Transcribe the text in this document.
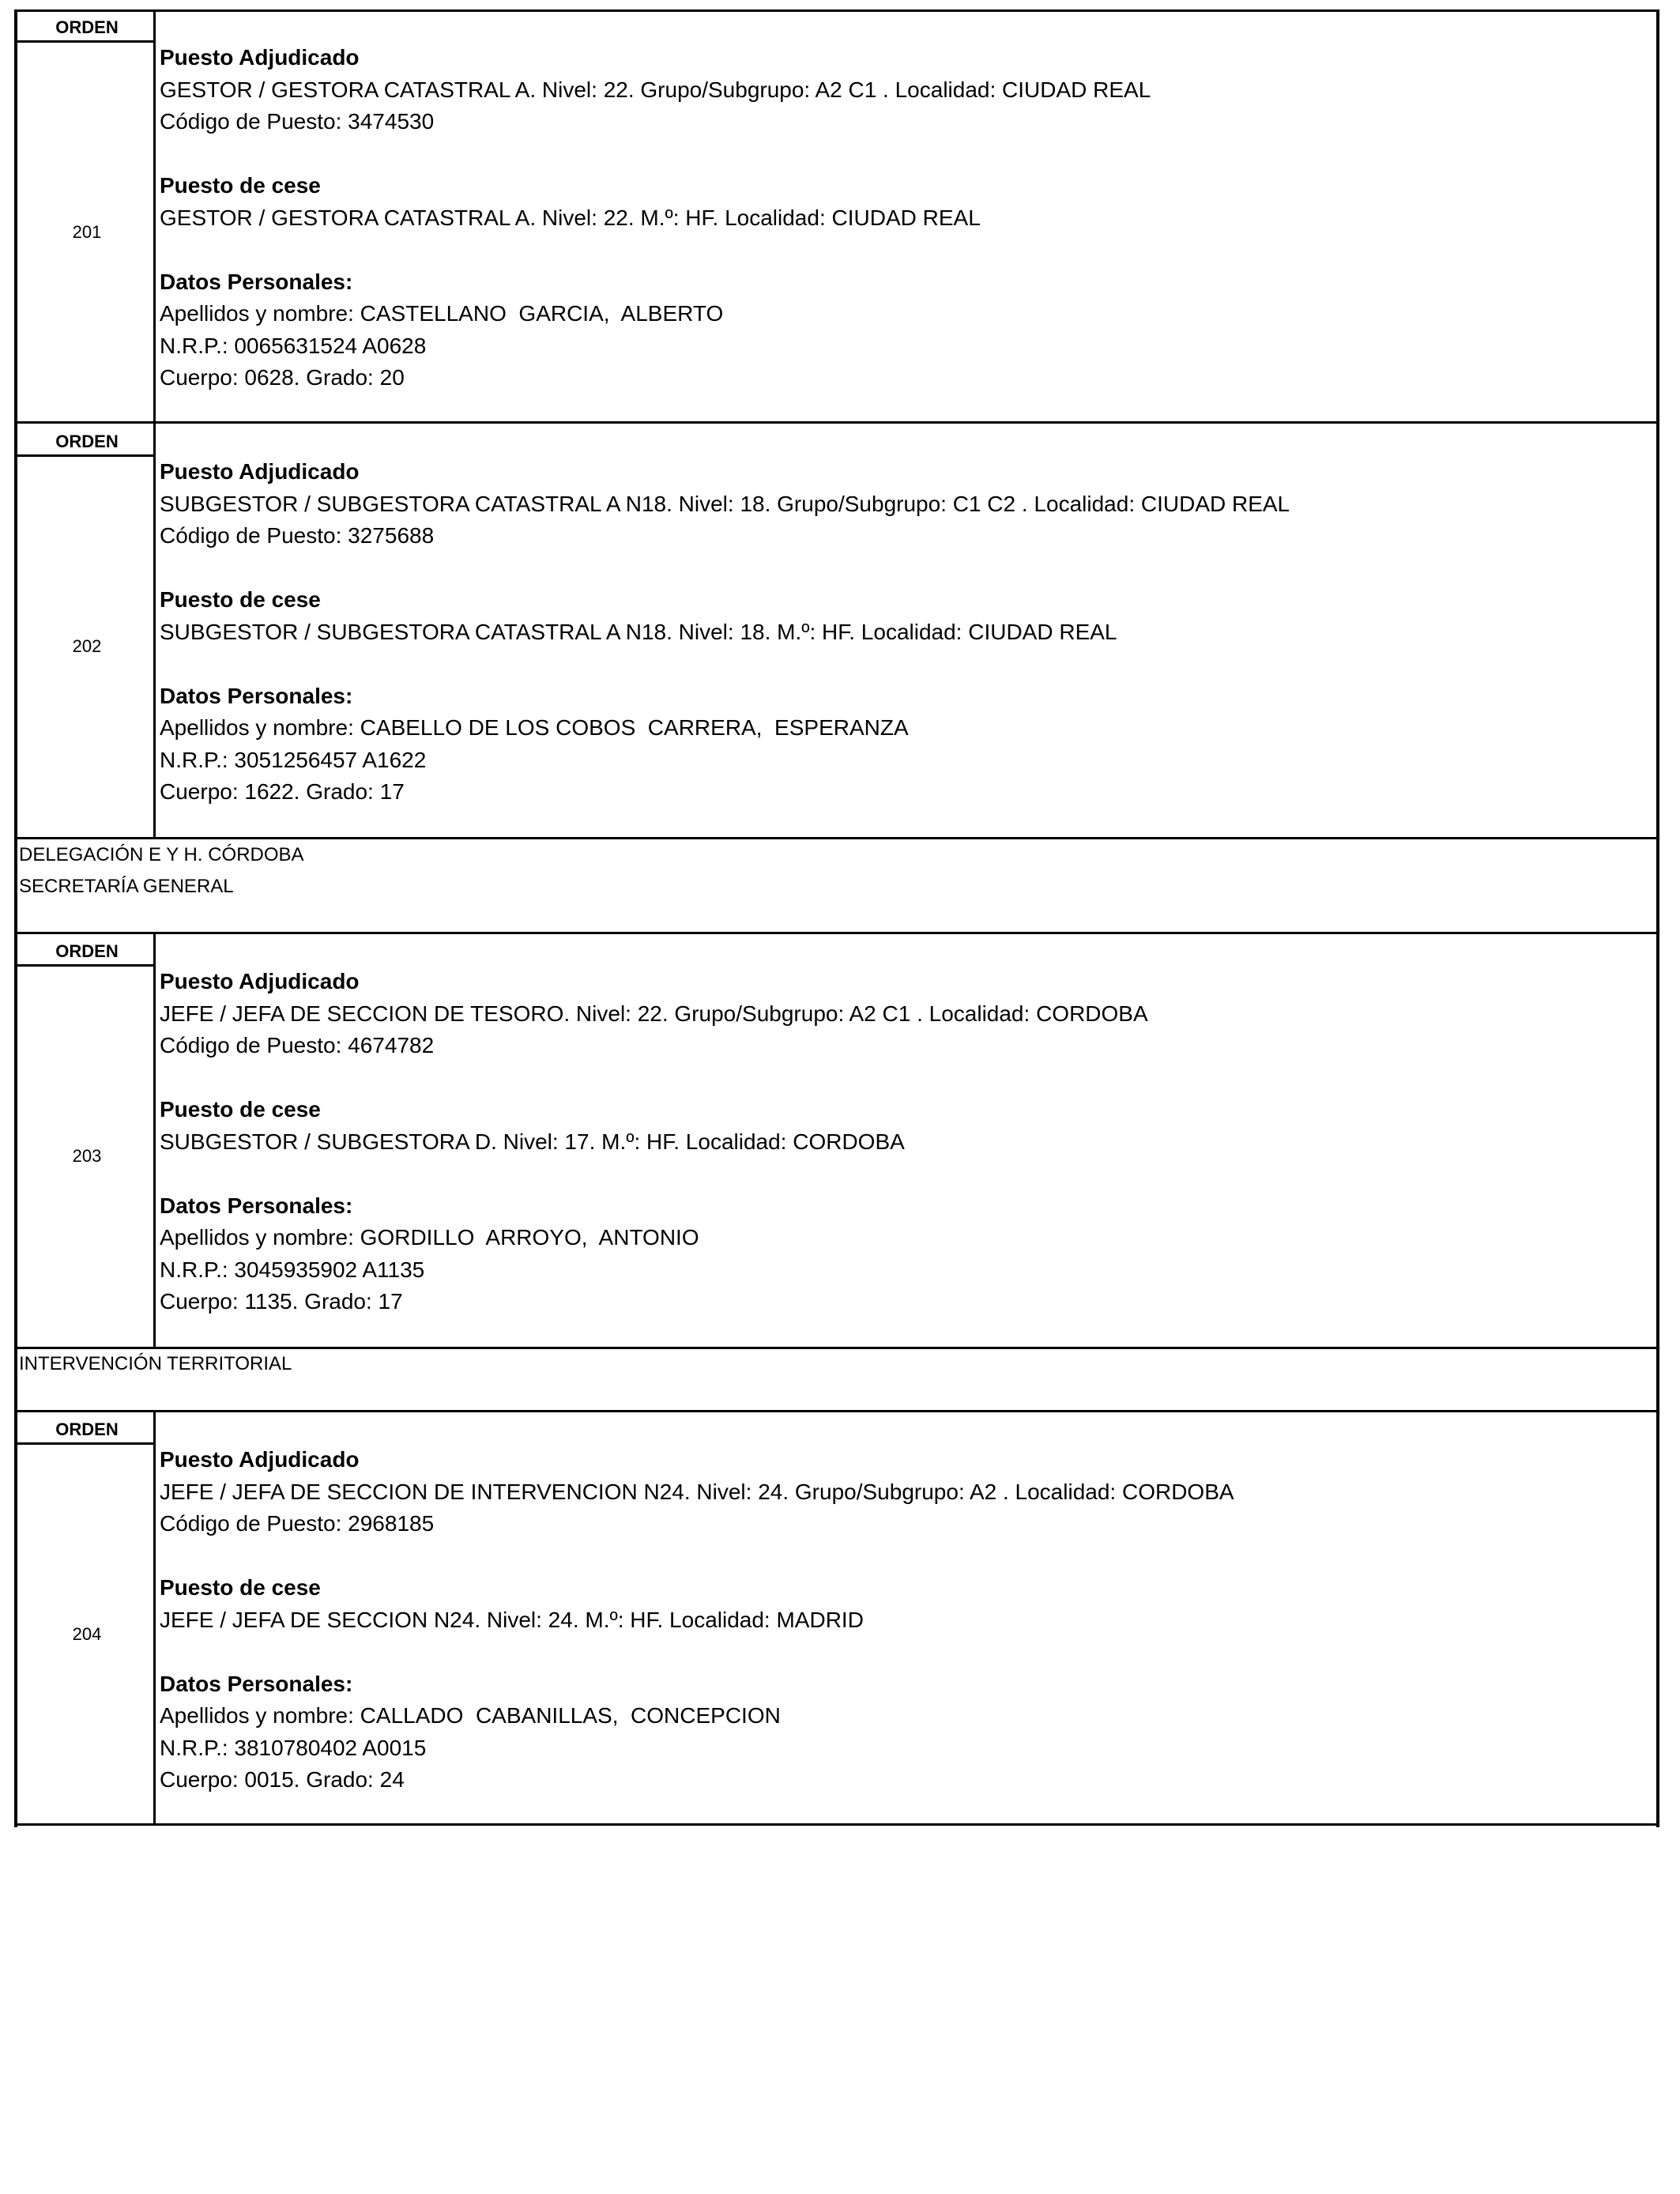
ORDEN
201
Puesto Adjudicado
GESTOR / GESTORA CATASTRAL A. Nivel: 22. Grupo/Subgrupo: A2 C1 . Localidad: CIUDAD REAL
Código de Puesto: 3474530
Puesto de cese
GESTOR / GESTORA CATASTRAL A. Nivel: 22. M.º: HF. Localidad: CIUDAD REAL
Datos Personales:
Apellidos y nombre: CASTELLANO  GARCIA,  ALBERTO
N.R.P.: 0065631524 A0628
Cuerpo: 0628. Grado: 20
ORDEN
202
Puesto Adjudicado
SUBGESTOR / SUBGESTORA CATASTRAL A N18. Nivel: 18. Grupo/Subgrupo: C1 C2 . Localidad: CIUDAD REAL
Código de Puesto: 3275688
Puesto de cese
SUBGESTOR / SUBGESTORA CATASTRAL A N18. Nivel: 18. M.º: HF. Localidad: CIUDAD REAL
Datos Personales:
Apellidos y nombre: CABELLO DE LOS COBOS  CARRERA,  ESPERANZA
N.R.P.: 3051256457 A1622
Cuerpo: 1622. Grado: 17
DELEGACIÓN E Y H. CÓRDOBA
SECRETARÍA GENERAL
ORDEN
203
Puesto Adjudicado
JEFE / JEFA DE SECCION DE TESORO. Nivel: 22. Grupo/Subgrupo: A2 C1 . Localidad: CORDOBA
Código de Puesto: 4674782
Puesto de cese
SUBGESTOR / SUBGESTORA D. Nivel: 17. M.º: HF. Localidad: CORDOBA
Datos Personales:
Apellidos y nombre: GORDILLO  ARROYO,  ANTONIO
N.R.P.: 3045935902 A1135
Cuerpo: 1135. Grado: 17
INTERVENCIÓN TERRITORIAL
ORDEN
204
Puesto Adjudicado
JEFE / JEFA DE SECCION DE INTERVENCION N24. Nivel: 24. Grupo/Subgrupo: A2 . Localidad: CORDOBA
Código de Puesto: 2968185
Puesto de cese
JEFE / JEFA DE SECCION N24. Nivel: 24. M.º: HF. Localidad: MADRID
Datos Personales:
Apellidos y nombre: CALLADO  CABANILLAS,  CONCEPCION
N.R.P.: 3810780402 A0015
Cuerpo: 0015. Grado: 24
